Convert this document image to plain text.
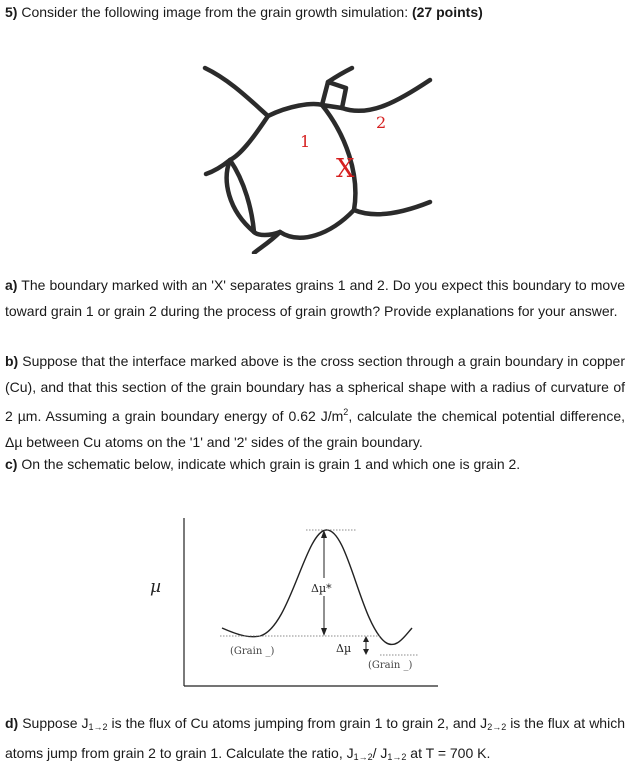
5) Consider the following image from the grain growth simulation: (27 points)
1
2
X
a) The boundary marked with an 'X' separates grains 1 and 2. Do you expect this boundary to move toward grain 1 or grain 2 during the process of grain growth? Provide explanations for your answer.
b) Suppose that the interface marked above is the cross section through a grain boundary in copper (Cu), and that this section of the grain boundary has a spherical shape with a radius of curvature of 2 µm. Assuming a grain boundary energy of 0.62 $J/m^2$, calculate the chemical potential difference, Δµ between Cu atoms on the '1' and '2' sides of the grain boundary.
c) On the schematic below, indicate which grain is grain 1 and which one is grain 2.
µ	Δµ*
Δµ
(Grain _)
(Grain _)
d) Suppose $J_{1\to 2}$ is the flux of Cu atoms jumping from grain 1 to grain 2, and $J_{2\to 2}$ is the flux at which atoms jump from grain 2 to grain 1. Calculate the ratio, $J_{1\to 2}/$ $J_{1\to 2}$ at T = 700 K.
